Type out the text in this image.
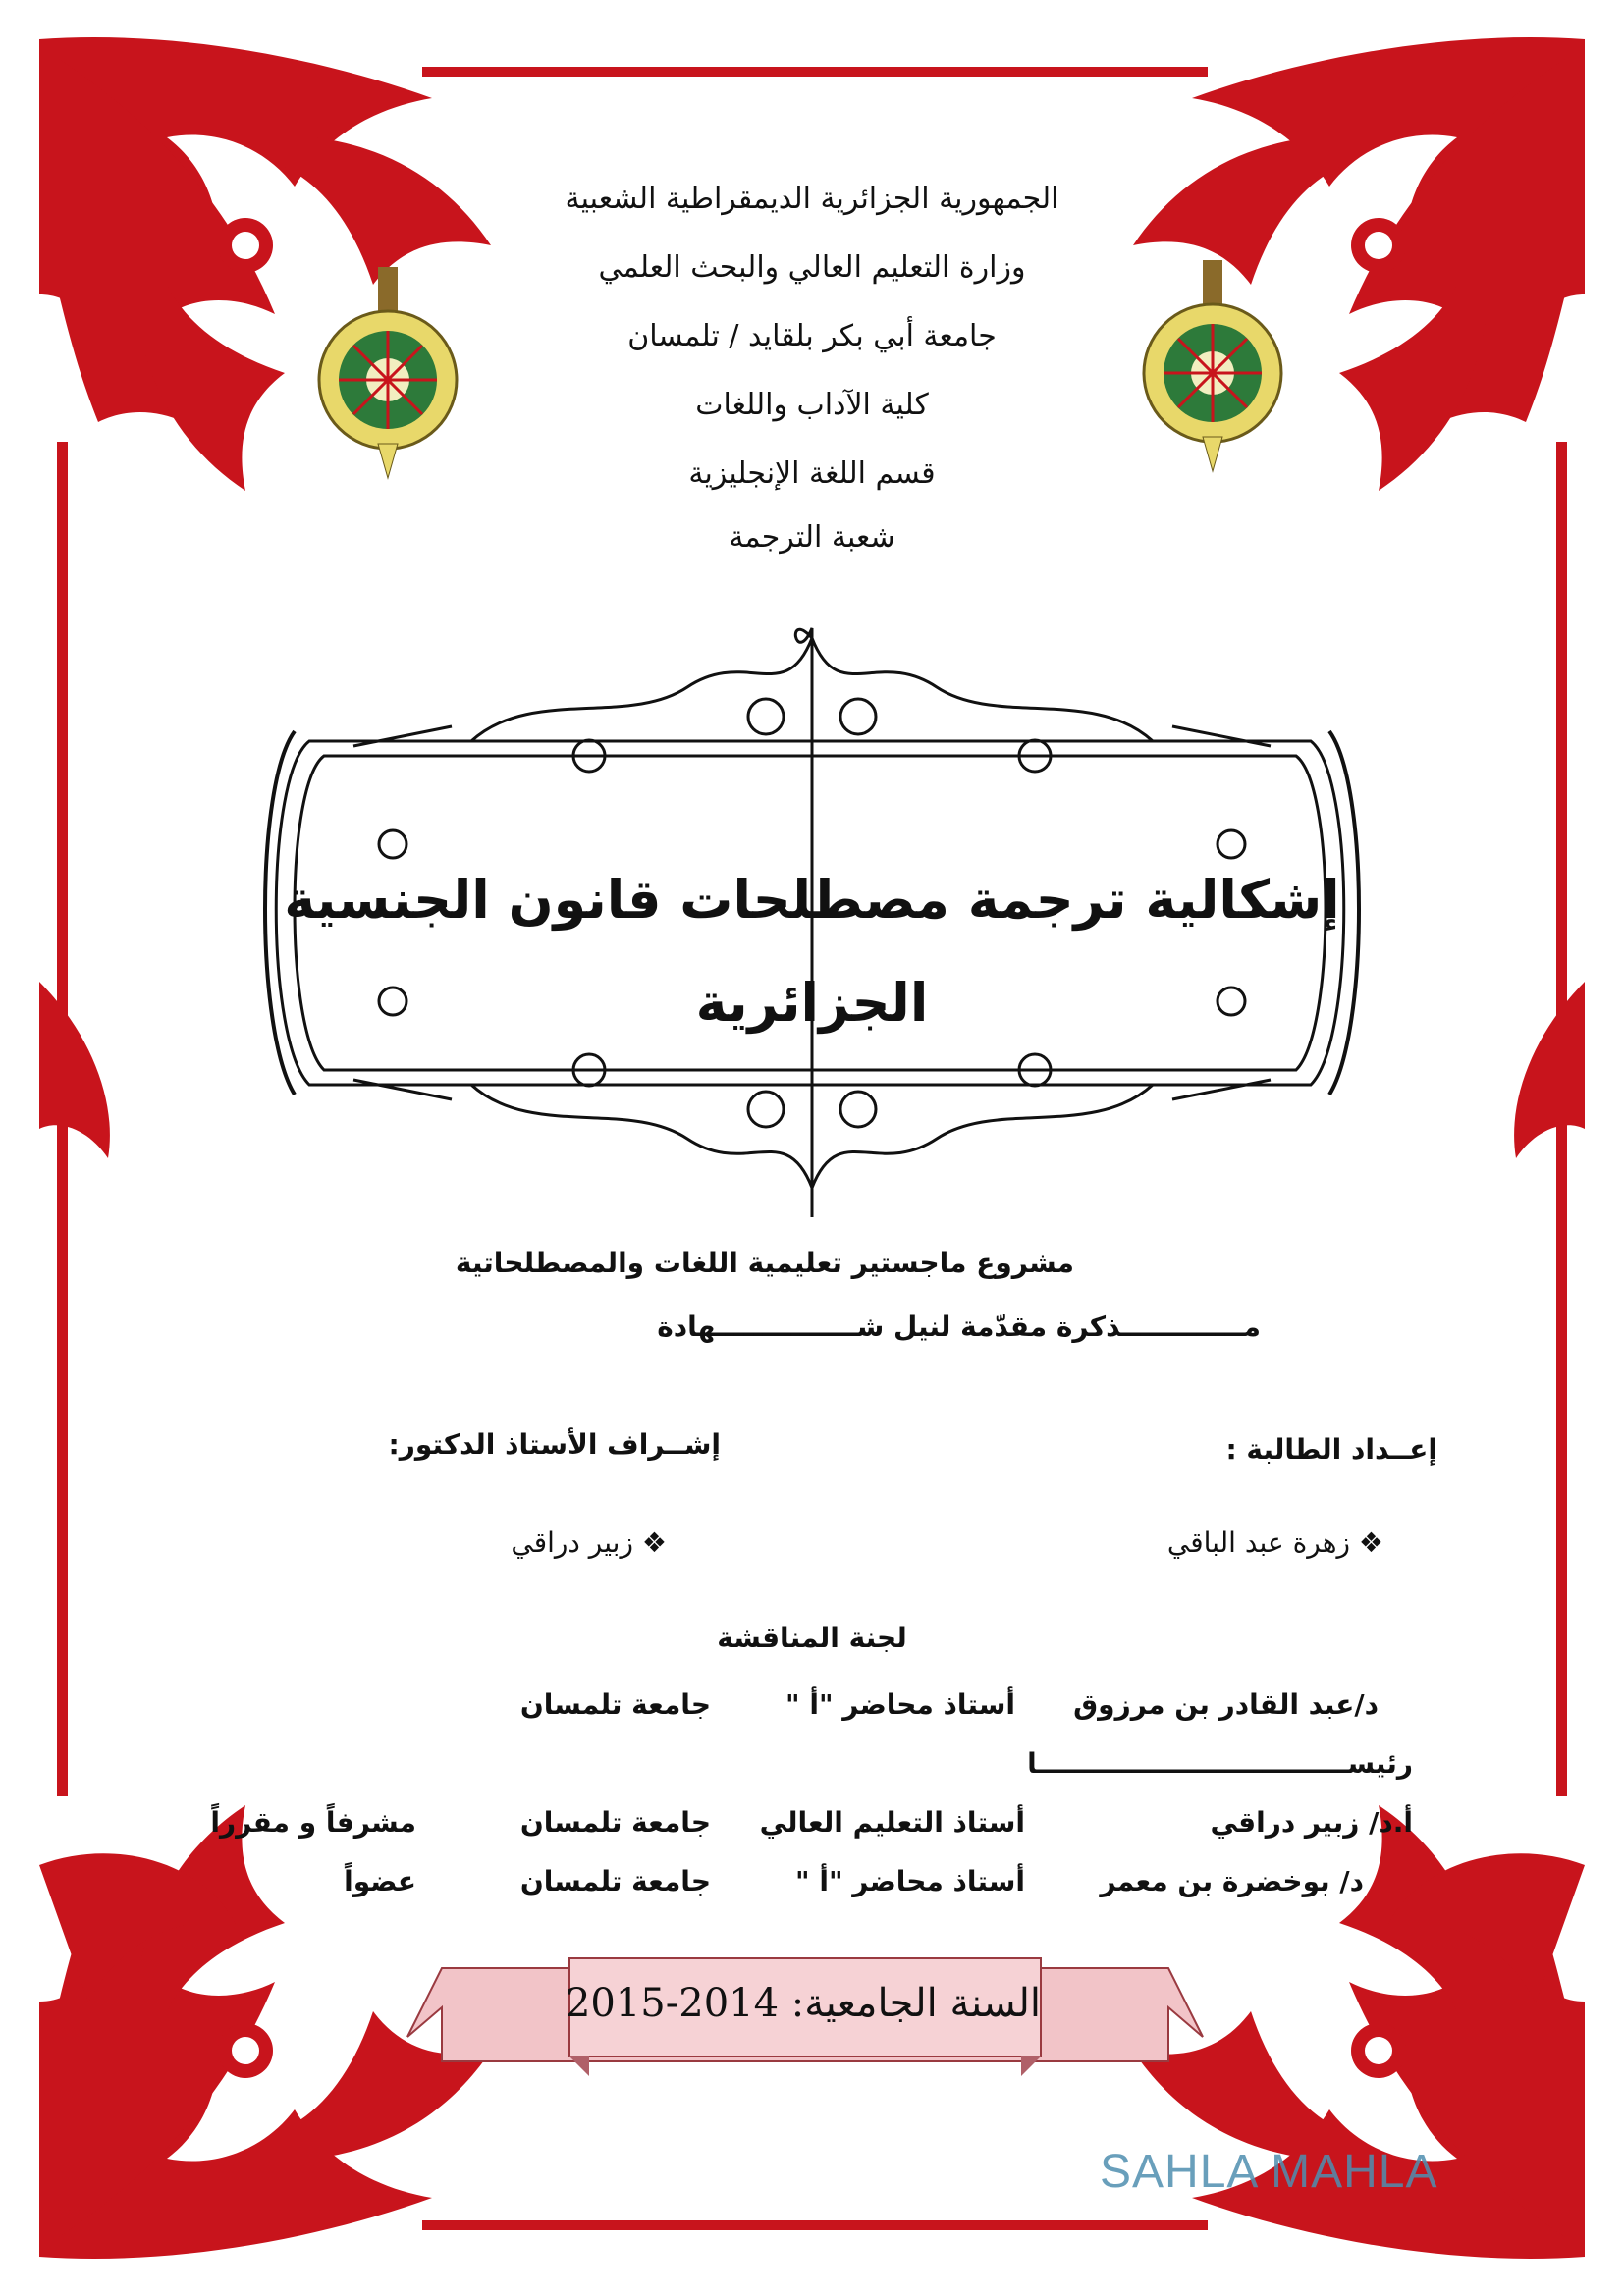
الجمهورية الجزائرية الديمقراطية الشعبية
وزارة التعليم العالي والبحث العلمي
جامعة أبي بكر بلقايد / تلمسان
كلية الآداب واللغات
قسم اللغة الإنجليزية
شعبة الترجمة
إشكالية ترجمة مصطلحات قانون الجنسية
الجزائرية
مشروع ماجستير تعليمية اللغات والمصطلحاتية
مـــــــــــــذكرة مقدّمة لنيل شـــــــــــــــهادة
إعــداد الطالبة :
إشــراف الأستاذ الدكتور:
❖ زهرة عبد الباقي
❖ زبير دراقي
لجنة المناقشة
د/عبد القادر بن مرزوق
أستاذ محاضر "أ "
جامعة تلمسان
رئيســـــــــــــــــــــــــــــــــا
أ.د/ زبير دراقي
أستاذ التعليم العالي
جامعة تلمسان
مشرفاً و مقرراً
د/ بوخضرة بن معمر
أستاذ محاضر "أ "
جامعة تلمسان
عضواً
السنة الجامعية: 2014-2015
SAHLA MAHLA
